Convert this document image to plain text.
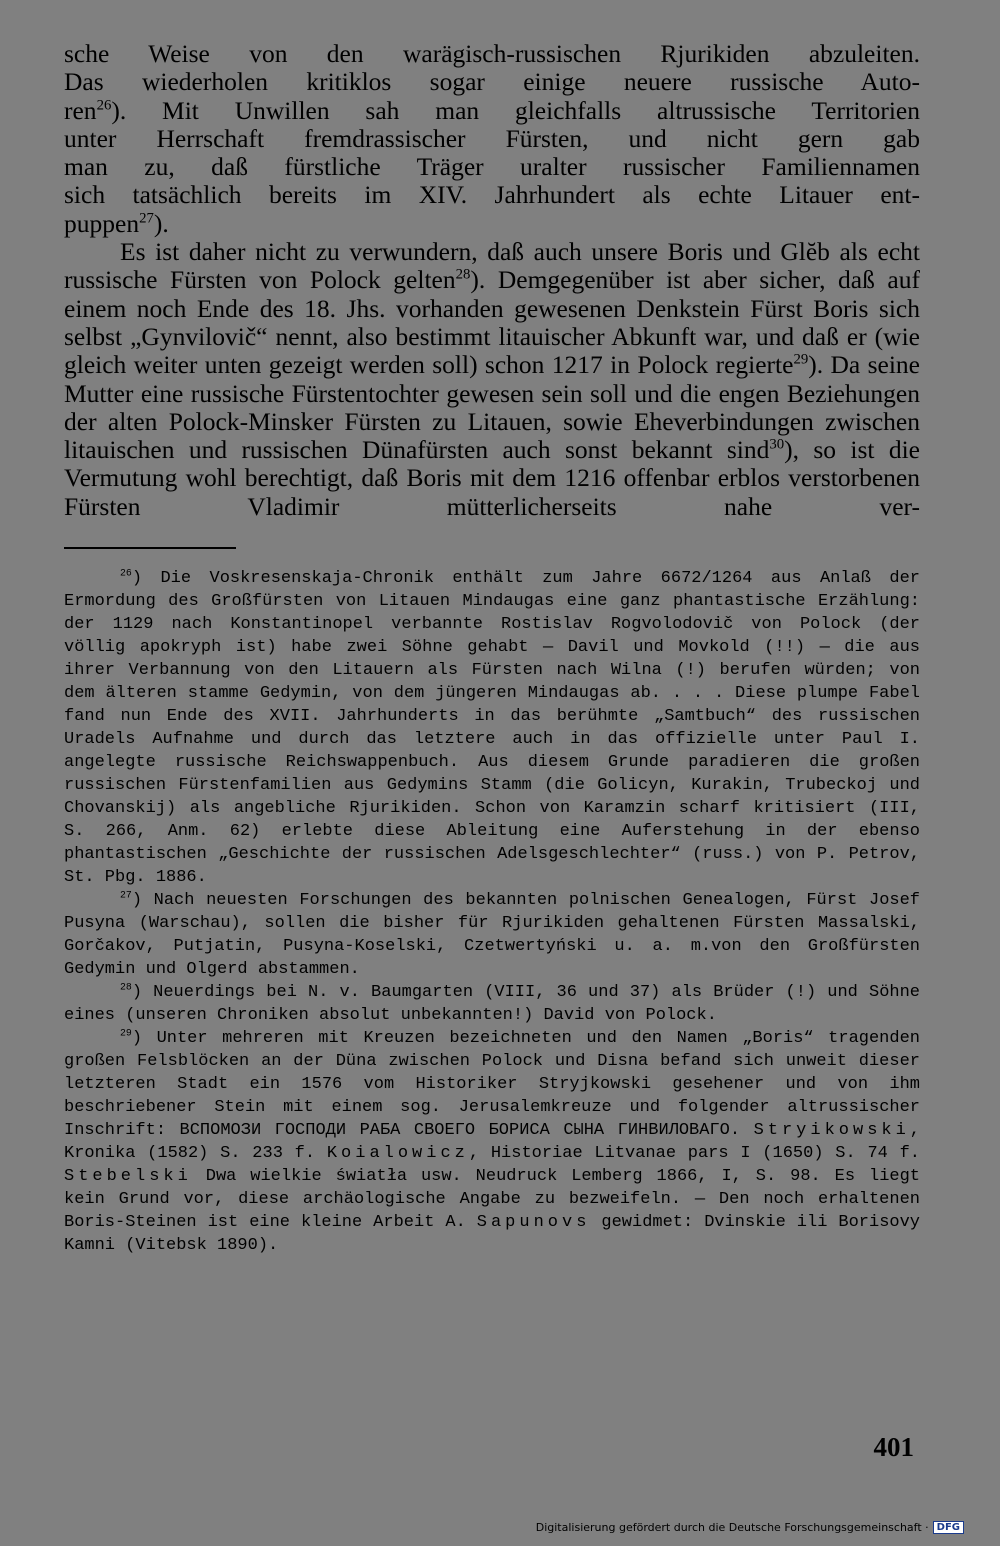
sche Weise von den warägisch-russischen Rjurikiden abzuleiten.
Das wiederholen kritiklos sogar einige neuere russische Auto-
ren$^{26}$). Mit Unwillen sah man gleichfalls altrussische Territorien
unter Herrschaft fremdrassischer Fürsten, und nicht gern gab
man zu, daß fürstliche Träger uralter russischer Familiennamen
sich tatsächlich bereits im XIV. Jahrhundert als echte Litauer ent-
puppen$^{27}$).

Es ist daher nicht zu verwundern, daß auch unsere Boris und Glĕb als echt russische Fürsten von Polock gelten$^{28}$). Demgegenüber ist aber sicher, daß auf einem noch Ende des 18. Jhs. vorhanden gewesenen Denkstein Fürst Boris sich selbst „Gynvilovič“ nennt, also bestimmt litauischer Abkunft war, und daß er (wie gleich weiter unten gezeigt werden soll) schon 1217 in Polock regierte$^{29}$). Da seine Mutter eine russische Fürstentochter gewesen sein soll und die engen Beziehungen der alten Polock-Minsker Fürsten zu Litauen, sowie Eheverbindungen zwischen litauischen und russischen Dünafürsten auch sonst bekannt sind$^{30}$), so ist die Vermutung wohl berechtigt, daß Boris mit dem 1216 offenbar erblos verstorbenen Fürsten Vladimir mütterlicherseits nahe ver-

$^{26}$) Die Voskresenskaja-Chronik enthält zum Jahre 6672/1264 aus Anlaß der Ermordung des Großfürsten von Litauen Mindaugas eine ganz phantastische Erzählung: der 1129 nach Konstantinopel verbannte Rostislav Rogvolodovič von Polock (der völlig apokryph ist) habe zwei Söhne gehabt — Davil und Movkold (!!) — die aus ihrer Verbannung von den Litauern als Fürsten nach Wilna (!) berufen würden; von dem älteren stamme Gedymin, von dem jüngeren Mindaugas ab. . . . Diese plumpe Fabel fand nun Ende des XVII. Jahrhunderts in das berühmte „Samtbuch“ des russischen Uradels Aufnahme und durch das letztere auch in das offizielle unter Paul I. angelegte russische Reichswappenbuch. Aus diesem Grunde paradieren die großen russischen Fürstenfamilien aus Gedymins Stamm (die Golicyn, Kurakin, Trubeckoj und Chovanskij) als angebliche Rjurikiden. Schon von Karamzin scharf kritisiert (III, S. 266, Anm. 62) erlebte diese Ableitung eine Auferstehung in der ebenso phantastischen „Geschichte der russischen Adelsgeschlechter“ (russ.) von P. Petrov, St. Pbg. 1886.

$^{27}$) Nach neuesten Forschungen des bekannten polnischen Genealogen, Fürst Josef Pusyna (Warschau), sollen die bisher für Rjurikiden gehaltenen Fürsten Massalski, Gorčakov, Putjatin, Pusyna-Koselski, Czetwertyński u. a. m.von den Großfürsten Gedymin und Olgerd abstammen.

$^{28}$) Neuerdings bei N. v. Baumgarten (VIII, 36 und 37) als Brüder (!) und Söhne eines (unseren Chroniken absolut unbekannten!) David von Polock.

$^{29}$) Unter mehreren mit Kreuzen bezeichneten und den Namen „Boris“ tragenden großen Felsblöcken an der Düna zwischen Polock und Disna befand sich unweit dieser letzteren Stadt ein 1576 vom Historiker Stryjkowski gesehener und von ihm beschriebener Stein mit einem sog. Jerusalemkreuze und folgender altrussischer Inschrift: ВСПОМОЗИ ГОСПОДИ РАБА СВОЕГО БОРИСА СЫНА ГИНВИЛОВАГО. Stryikowski, Kronika (1582) S. 233 f. Koialowicz, Historiae Litvanae pars I (1650) S. 74 f. Stebelski Dwa wielkie światła usw. Neudruck Lemberg 1866, I, S. 98. Es liegt kein Grund vor, diese archäologische Angabe zu bezweifeln. — Den noch erhaltenen Boris-Steinen ist eine kleine Arbeit A. Sapunovs gewidmet: Dvinskie ili Borisovy Kamni (Vitebsk 1890).

401
Digitalisierung gefördert durch die Deutsche Forschungsgemeinschaft · DFG
